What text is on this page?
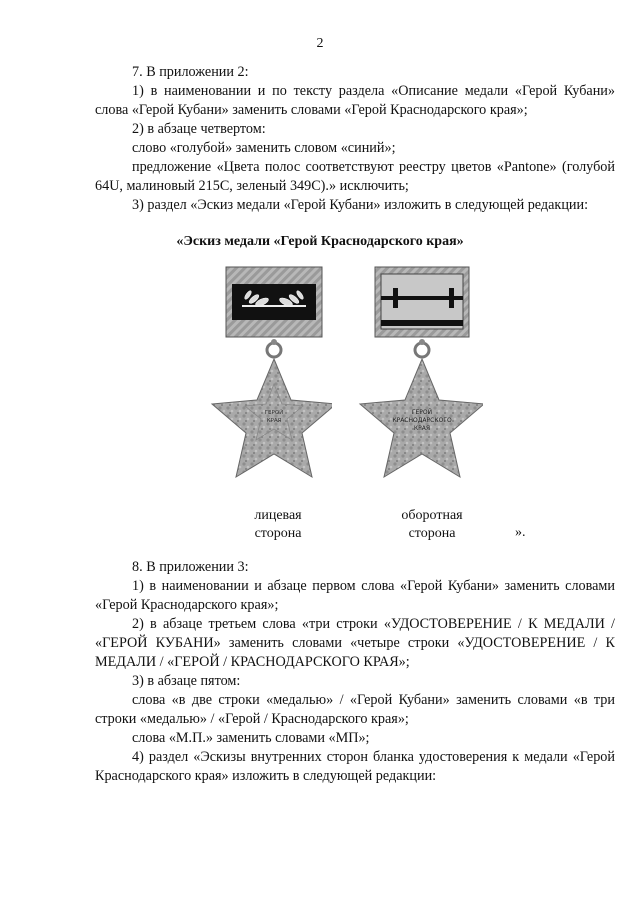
2

7. В приложении 2:

1) в наименовании и по тексту раздела «Описание медали «Герой Кубани» слова «Герой Кубани» заменить словами «Герой Краснодарского края»;

2) в абзаце четвертом:

слово «голубой» заменить словом «синий»;

предложение «Цвета полос соответствуют реестру цветов «Pantone» (голубой 64U, малиновый 215C, зеленый 349C).» исключить;

3) раздел «Эскиз медали «Герой Кубани» изложить в следующей редакции:

«Эскиз медали «Герой Краснодарского края»
ГЕРОЙ
КРАЯ
ГЕРОЙ
КРАСНОДАРСКОГО
КРАЯ
лицевая
сторона
оборотная
сторона	».

8. В приложении 3:

1) в наименовании и абзаце первом слова «Герой Кубани» заменить словами «Герой Краснодарского края»;

2) в абзаце третьем слова «три строки «УДОСТОВЕРЕНИЕ / К МЕДАЛИ / «ГЕРОЙ КУБАНИ» заменить словами «четыре строки «УДОСТОВЕРЕНИЕ / К МЕДАЛИ / «ГЕРОЙ / КРАСНОДАРСКОГО КРАЯ»;

3) в абзаце пятом:

слова «в две строки «медалью» / «Герой Кубани» заменить словами «в три строки «медалью» / «Герой / Краснодарского края»;

слова «М.П.» заменить словами «МП»;

4) раздел «Эскизы внутренних сторон бланка удостоверения к медали «Герой Краснодарского края» изложить в следующей редакции:
